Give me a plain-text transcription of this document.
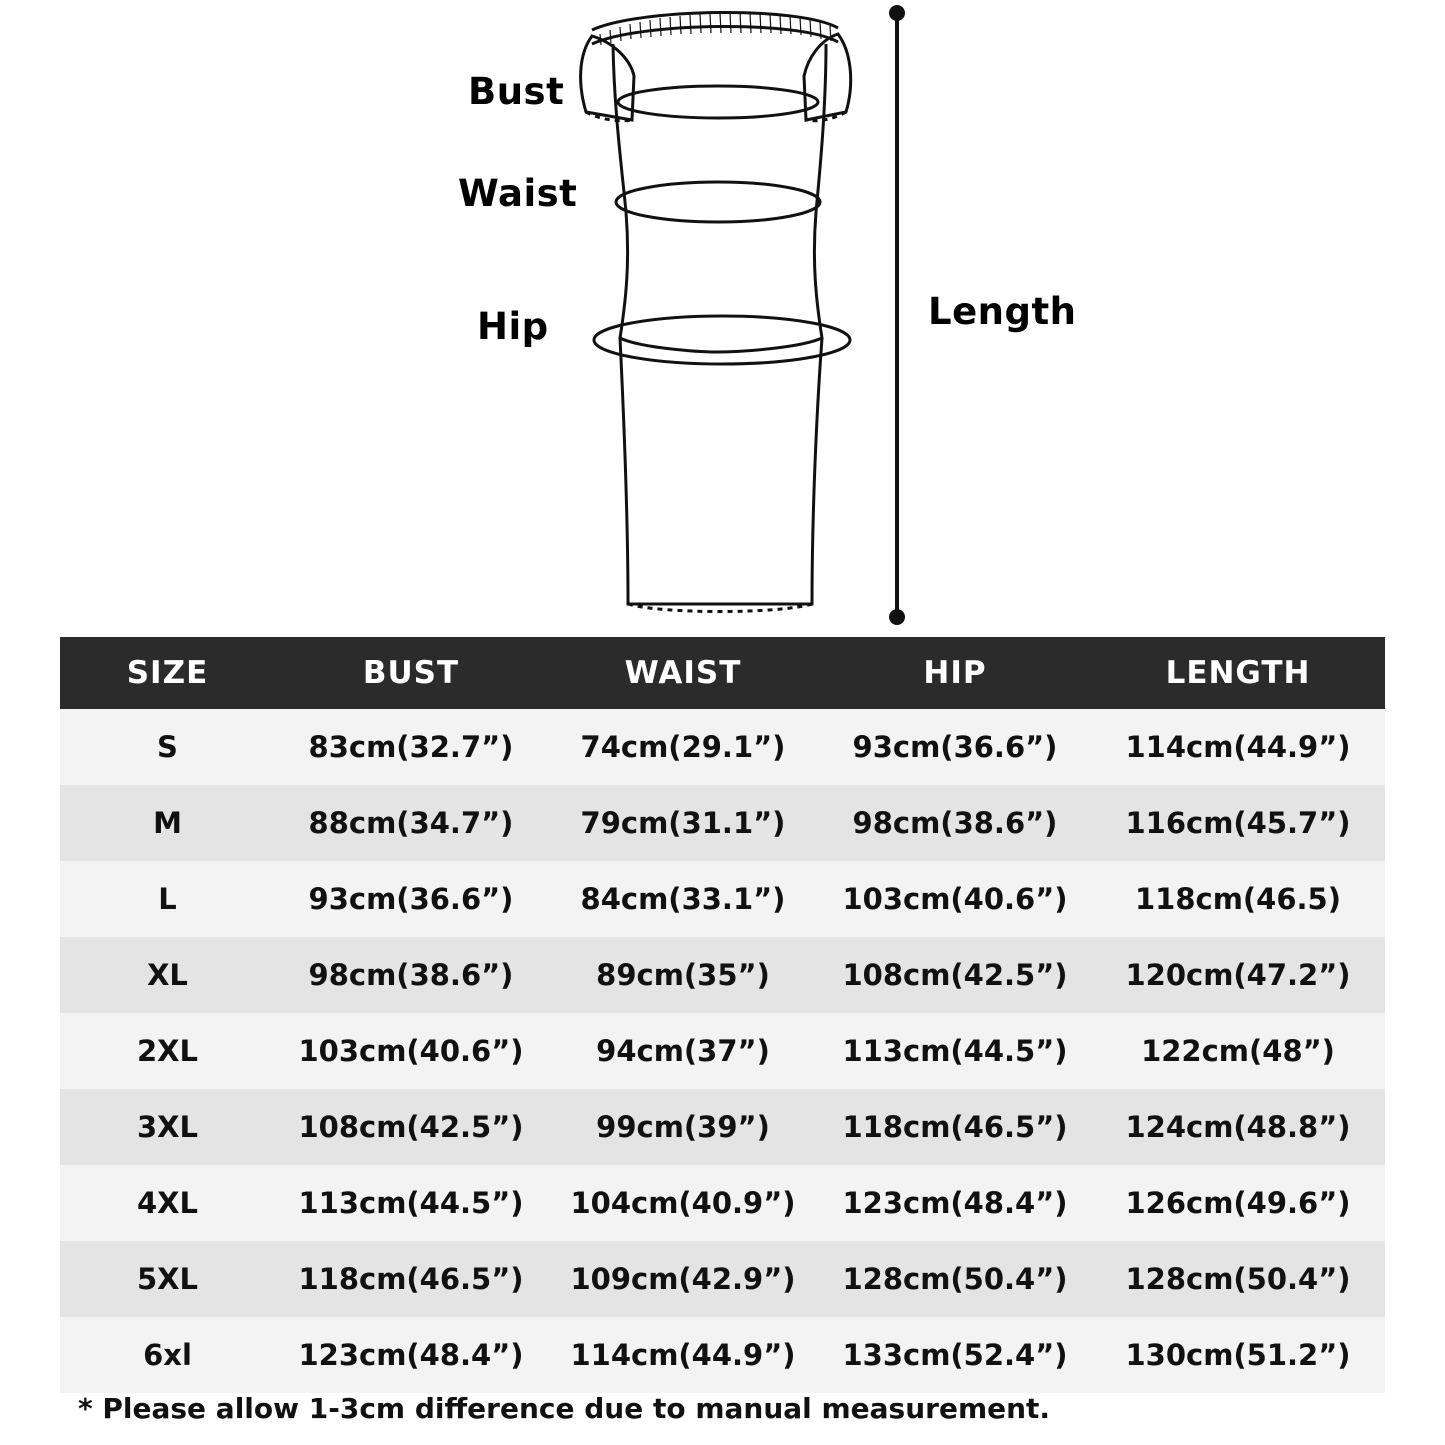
Bust
Waist
Hip	Length
SIZE	BUST	WAIST	HIP	LENGTH
S	83cm(32.7”)	74cm(29.1”)	93cm(36.6”)	114cm(44.9”)
M	88cm(34.7”)	79cm(31.1”)	98cm(38.6”)	116cm(45.7”)
L	93cm(36.6”)	84cm(33.1”)	103cm(40.6”)	118cm(46.5)
XL	98cm(38.6”)	89cm(35”)	108cm(42.5”)	120cm(47.2”)
2XL	103cm(40.6”)	94cm(37”)	113cm(44.5”)	122cm(48”)
3XL	108cm(42.5”)	99cm(39”)	118cm(46.5”)	124cm(48.8”)
4XL	113cm(44.5”)	104cm(40.9”)	123cm(48.4”)	126cm(49.6”)
5XL	118cm(46.5”)	109cm(42.9”)	128cm(50.4”)	128cm(50.4”)
6xl	123cm(48.4”)	114cm(44.9”)	133cm(52.4”)	130cm(51.2”)
* Please allow 1-3cm difference due to manual measurement.
